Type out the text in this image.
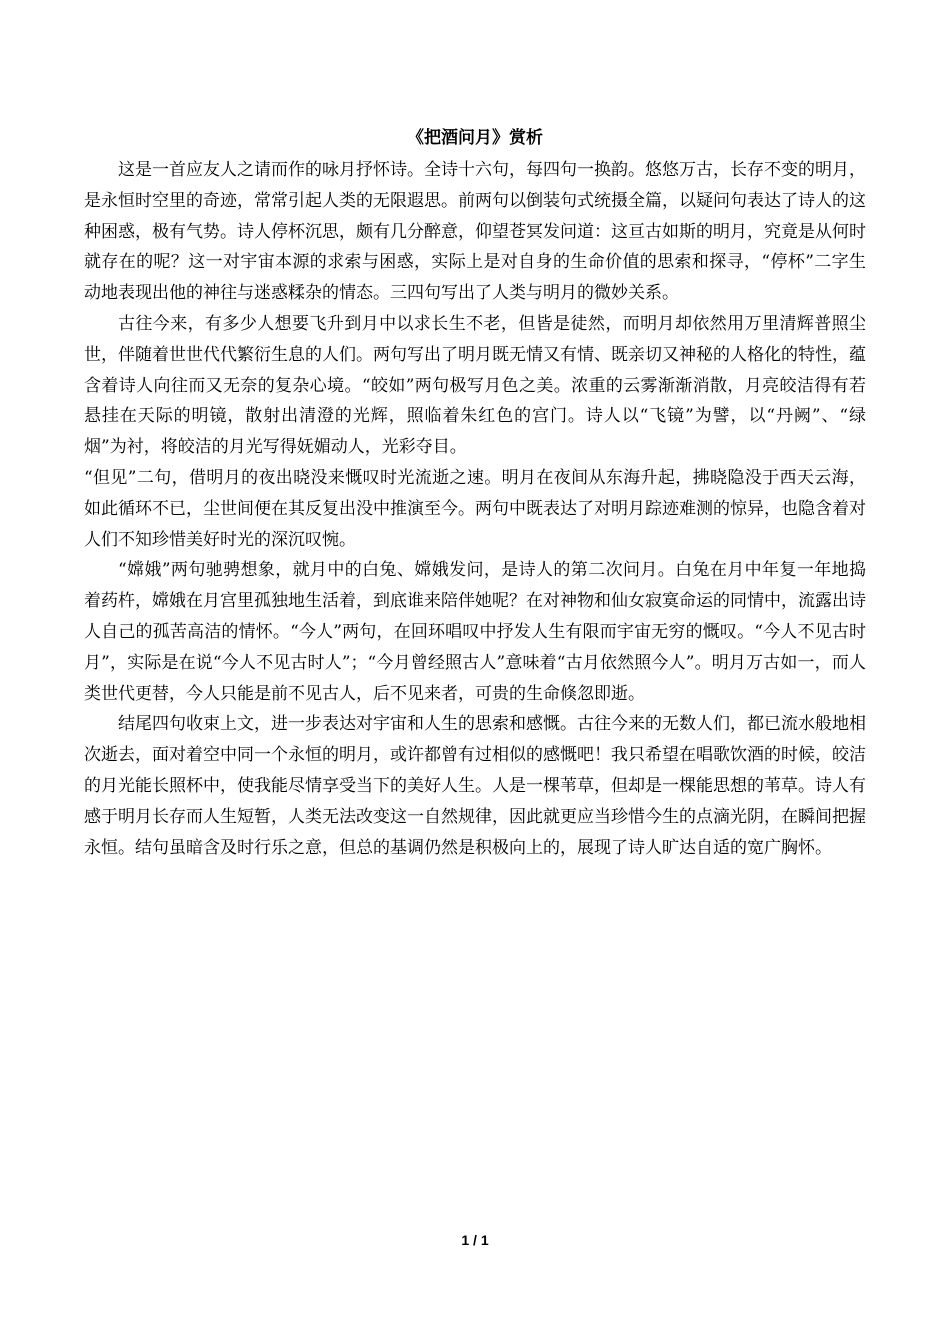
《把酒问月》赏析

这是一首应友人之请而作的咏月抒怀诗。全诗十六句，每四句一换韵。悠悠万古，长存不变的明月，是永恒时空里的奇迹，常常引起人类的无限遐思。前两句以倒装句式统摄全篇，以疑问句表达了诗人的这种困惑，极有气势。诗人停杯沉思，颇有几分醉意，仰望苍冥发问道：这亘古如斯的明月，究竟是从何时就存在的呢？这一对宇宙本源的求索与困惑，实际上是对自身的生命价值的思索和探寻，“停杯”二字生动地表现出他的神往与迷惑糅杂的情态。三四句写出了人类与明月的微妙关系。

古往今来，有多少人想要飞升到月中以求长生不老，但皆是徒然，而明月却依然用万里清辉普照尘世，伴随着世世代代繁衍生息的人们。两句写出了明月既无情又有情、既亲切又神秘的人格化的特性，蕴含着诗人向往而又无奈的复杂心境。“皎如”两句极写月色之美。浓重的云雾渐渐消散，月亮皎洁得有若悬挂在天际的明镜，散射出清澄的光辉，照临着朱红色的宫门。诗人以“飞镜”为譬，以“丹阙”、“绿烟”为衬，将皎洁的月光写得妩媚动人，光彩夺目。

“但见”二句，借明月的夜出晓没来慨叹时光流逝之速。明月在夜间从东海升起，拂晓隐没于西天云海，如此循环不已，尘世间便在其反复出没中推演至今。两句中既表达了对明月踪迹难测的惊异，也隐含着对人们不知珍惜美好时光的深沉叹惋。

“嫦娥”两句驰骋想象，就月中的白兔、嫦娥发问，是诗人的第二次问月。白兔在月中年复一年地捣着药杵，嫦娥在月宫里孤独地生活着，到底谁来陪伴她呢？在对神物和仙女寂寞命运的同情中，流露出诗人自己的孤苦高洁的情怀。“今人”两句，在回环唱叹中抒发人生有限而宇宙无穷的慨叹。“今人不见古时月”，实际是在说“今人不见古时人”；“今月曾经照古人”意味着“古月依然照今人”。明月万古如一，而人类世代更替，今人只能是前不见古人，后不见来者，可贵的生命倏忽即逝。

结尾四句收束上文，进一步表达对宇宙和人生的思索和感慨。古往今来的无数人们，都已流水般地相次逝去，面对着空中同一个永恒的明月，或许都曾有过相似的感慨吧！我只希望在唱歌饮酒的时候，皎洁的月光能长照杯中，使我能尽情享受当下的美好人生。人是一棵苇草，但却是一棵能思想的苇草。诗人有感于明月长存而人生短暂，人类无法改变这一自然规律，因此就更应当珍惜今生的点滴光阴，在瞬间把握永恒。结句虽暗含及时行乐之意，但总的基调仍然是积极向上的，展现了诗人旷达自适的宽广胸怀。

1 / 1
